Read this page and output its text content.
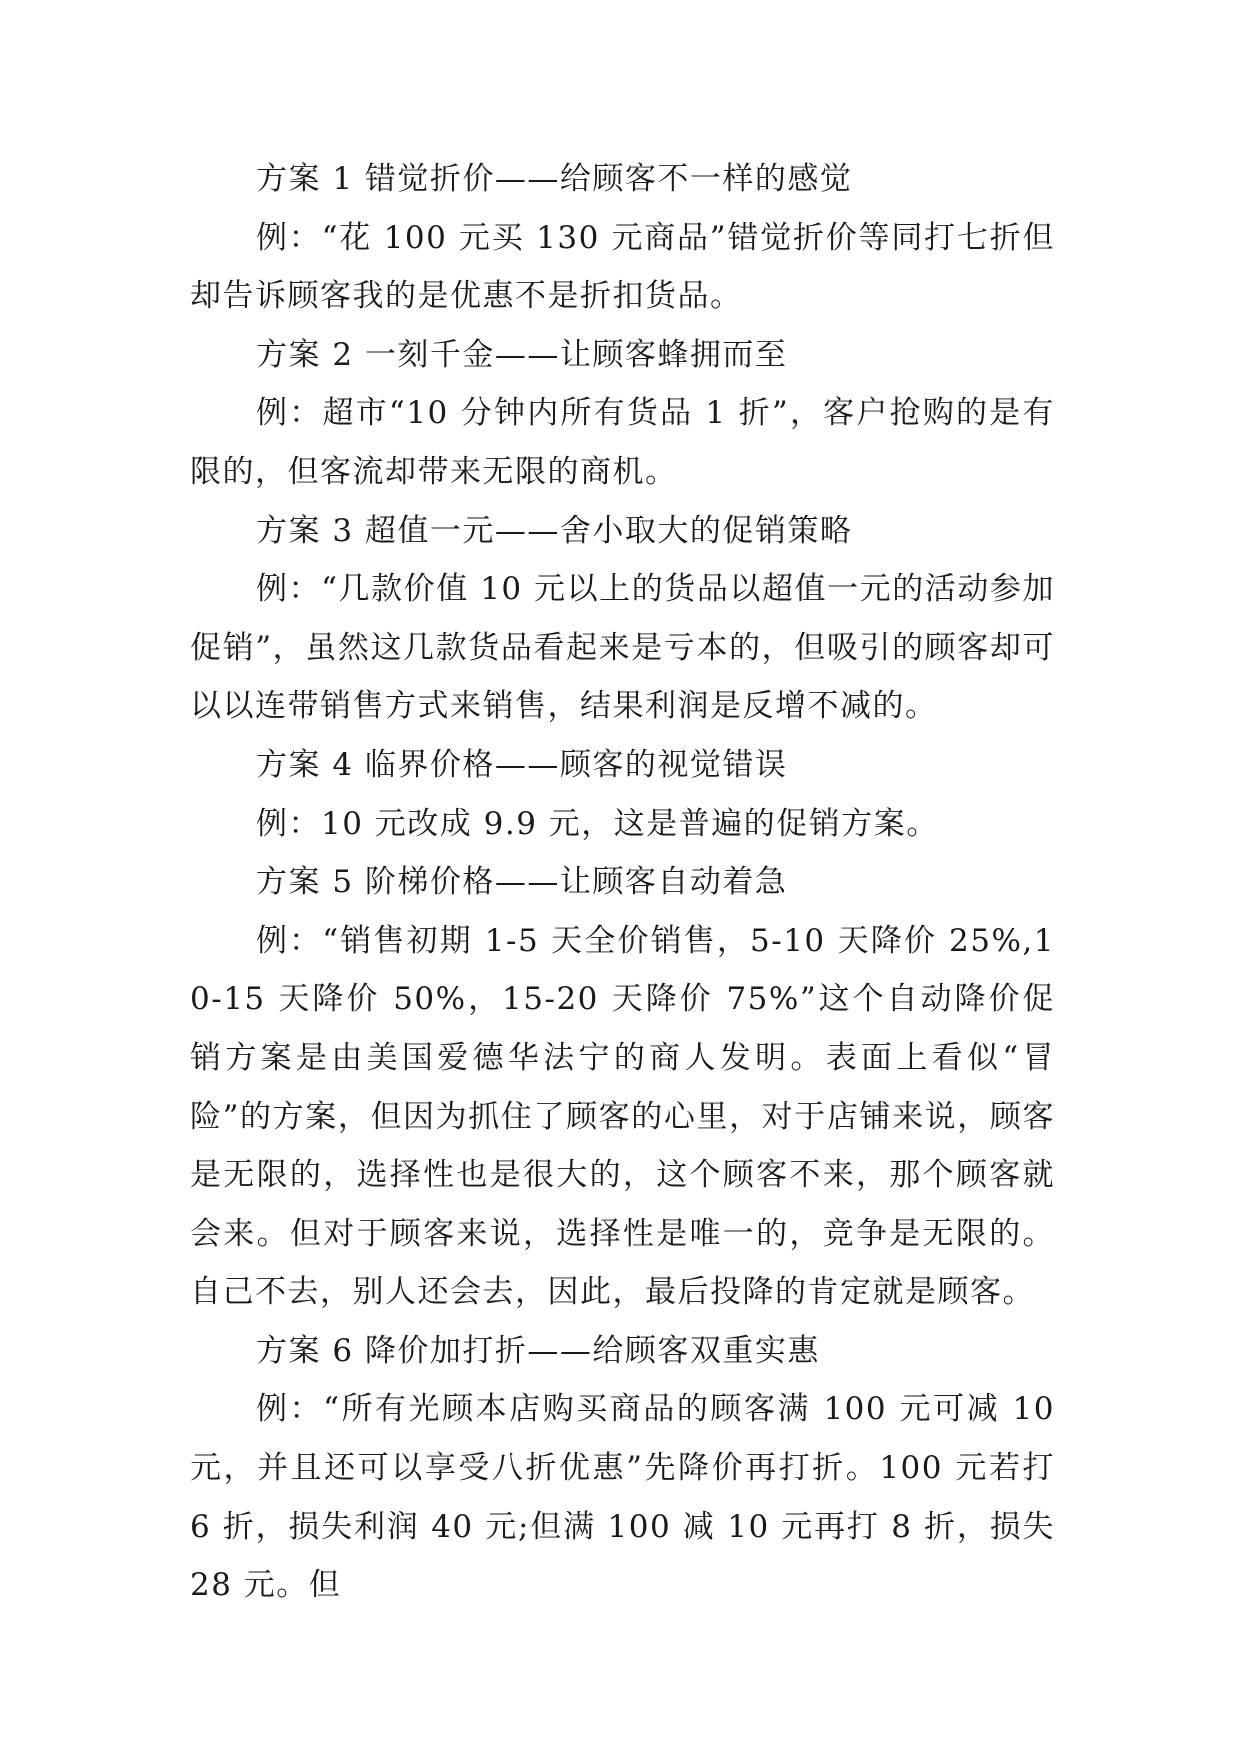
方案 1 错觉折价——给顾客不一样的感觉

例：“花 100 元买 130 元商品”错觉折价等同打七折但却告诉顾客我的是优惠不是折扣货品。

方案 2 一刻千金——让顾客蜂拥而至

例：超市“10 分钟内所有货品 1 折”，客户抢购的是有限的，但客流却带来无限的商机。

方案 3 超值一元——舍小取大的促销策略

例：“几款价值 10 元以上的货品以超值一元的活动参加促销”，虽然这几款货品看起来是亏本的，但吸引的顾客却可以以连带销售方式来销售，结果利润是反增不减的。

方案 4 临界价格——顾客的视觉错误

例：10 元改成 9.9 元，这是普遍的促销方案。

方案 5 阶梯价格——让顾客自动着急

例：“销售初期 1-5 天全价销售，5-10 天降价 25%,10-15 天降价 50%，15-20 天降价 75%”这个自动降价促销方案是由美国爱德华法宁的商人发明。表面上看似“冒险”的方案，但因为抓住了顾客的心里，对于店铺来说，顾客是无限的，选择性也是很大的，这个顾客不来，那个顾客就会来。但对于顾客来说，选择性是唯一的，竞争是无限的。自己不去，别人还会去，因此，最后投降的肯定就是顾客。

方案 6 降价加打折——给顾客双重实惠

例：“所有光顾本店购买商品的顾客满 100 元可减 10 元，并且还可以享受八折优惠”先降价再打折。100 元若打 6 折，损失利润 40 元;但满 100 减 10 元再打 8 折，损失 28 元。但
